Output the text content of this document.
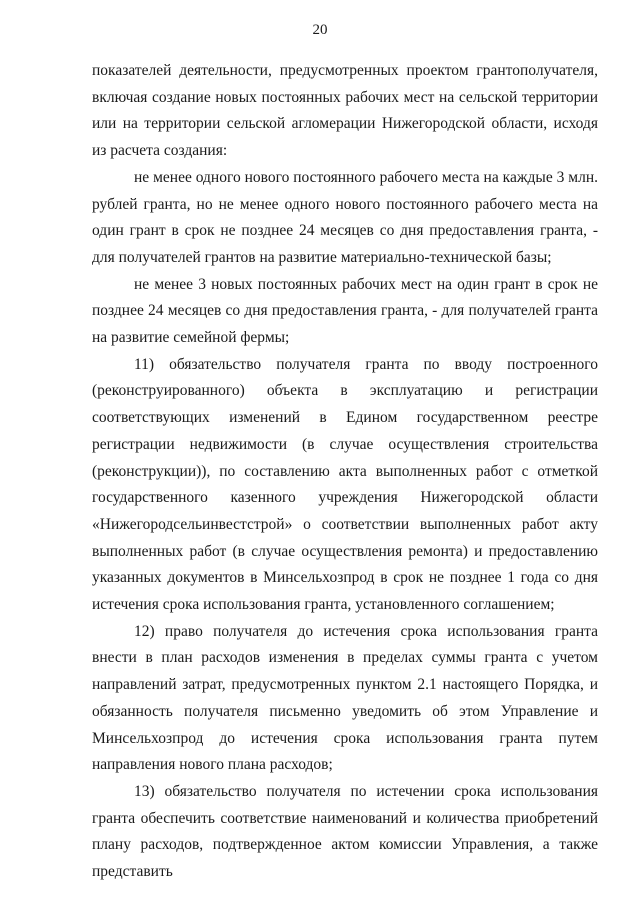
20

показателей деятельности, предусмотренных проектом грантополучателя, включая создание новых постоянных рабочих мест на сельской территории или на территории сельской агломерации Нижегородской области, исходя из расчета создания:

не менее одного нового постоянного рабочего места на каждые 3 млн. рублей гранта, но не менее одного нового постоянного рабочего места на один грант в срок не позднее 24 месяцев со дня предоставления гранта, - для получателей грантов на развитие материально-технической базы;

не менее 3 новых постоянных рабочих мест на один грант в срок не позднее 24 месяцев со дня предоставления гранта, - для получателей гранта на развитие семейной фермы;

11) обязательство получателя гранта по вводу построенного (реконструированного) объекта в эксплуатацию и регистрации соответствующих изменений в Едином государственном реестре регистрации недвижимости (в случае осуществления строительства (реконструкции)), по составлению акта выполненных работ с отметкой государственного казенного учреждения Нижегородской области «Нижегородсельинвестстрой» о соответствии выполненных работ акту выполненных работ (в случае осуществления ремонта) и предоставлению указанных документов в Минсельхозпрод в срок не позднее 1 года со дня истечения срока использования гранта, установленного соглашением;

12) право получателя до истечения срока использования гранта внести в план расходов изменения в пределах суммы гранта с учетом направлений затрат, предусмотренных пунктом 2.1 настоящего Порядка, и обязанность получателя письменно уведомить об этом Управление и Минсельхозпрод до истечения срока использования гранта путем направления нового плана расходов;

13) обязательство получателя по истечении срока использования гранта обеспечить соответствие наименований и количества приобретений плану расходов, подтвержденное актом комиссии Управления, а также представить
